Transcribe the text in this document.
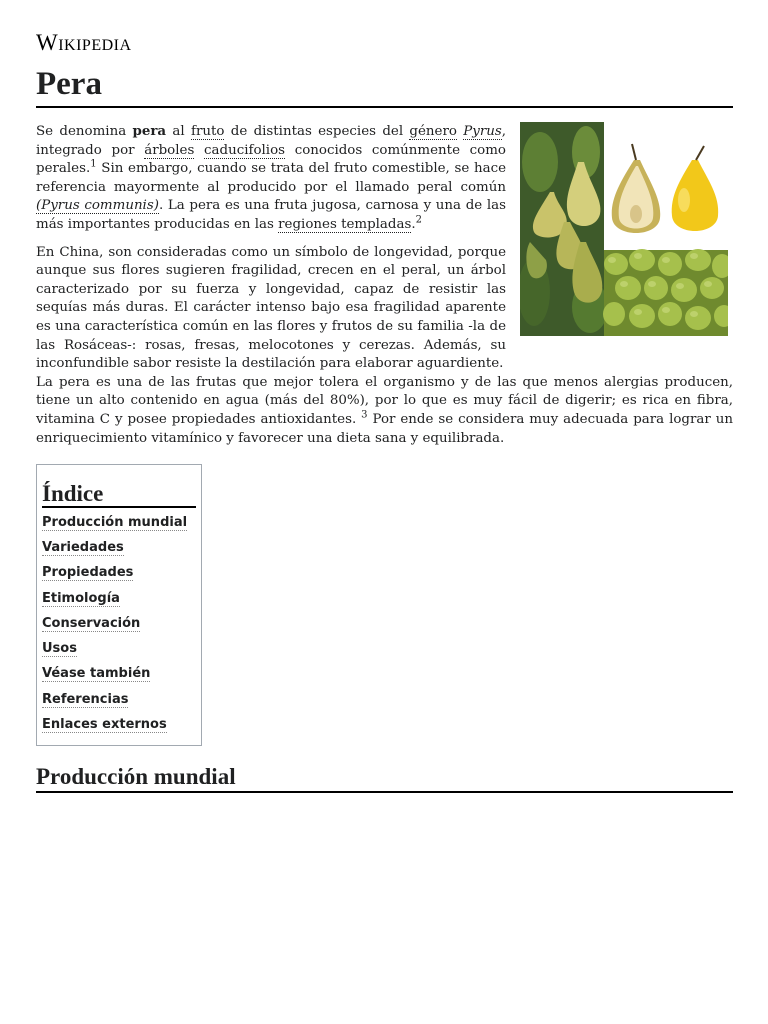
Wikipedia
Pera

Se denomina pera al fruto de distintas especies del género Pyrus, integrado por árboles caducifolios conocidos comúnmente como perales.$^1$ Sin embargo, cuando se trata del fruto comestible, se hace referencia mayormente al producido por el llamado peral común (Pyrus communis). La pera es una fruta jugosa, carnosa y una de las más importantes producidas en las regiones templadas.$^2$

En China, son consideradas como un símbolo de longevidad, porque aunque sus flores sugieren fragilidad, crecen en el peral, un árbol caracterizado por su fuerza y longevidad, capaz de resistir las sequías más duras. El carácter intenso bajo esa fragilidad aparente es una característica común en las flores y frutos de su familia -la de las Rosáceas-: rosas, fresas, melocotones y cerezas. Además, su inconfundible sabor resiste la destilación para elaborar aguardiente.

La pera es una de las frutas que mejor tolera el organismo y de las que menos alergias producen, tiene un alto contenido en agua (más del 80%), por lo que es muy fácil de digerir; es rica en fibra, vitamina C y posee propiedades antioxidantes. $^3$ Por ende se considera muy adecuada para lograr un enriquecimiento vitamínico y favorecer una dieta sana y equilibrada.

Índice
Producción mundial
Variedades
Propiedades
Etimología
Conservación
Usos
Véase también
Referencias
Enlaces externos
Producción mundial
